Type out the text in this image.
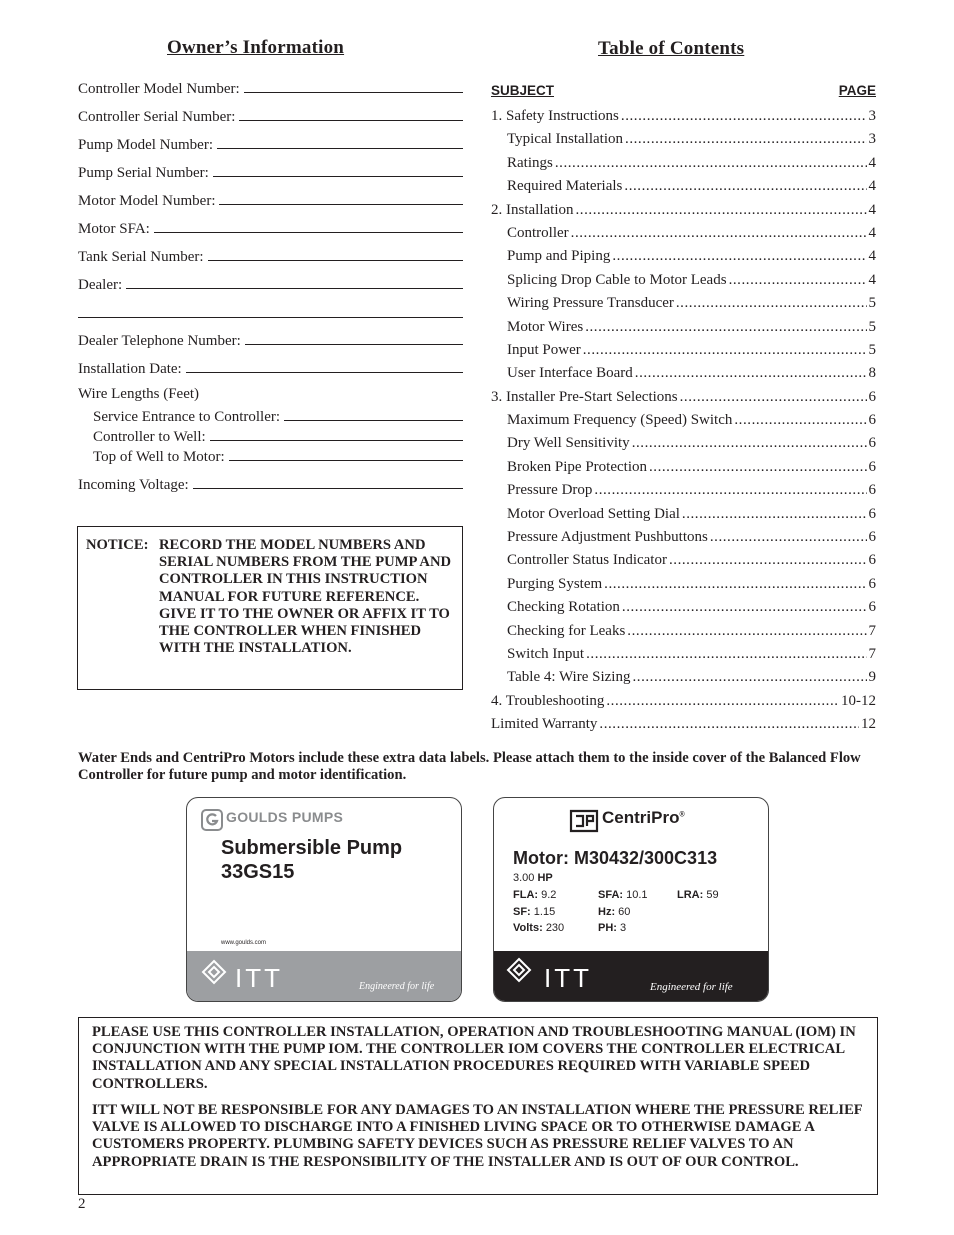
Owner’s Information	Table of Contents
Controller Model Number:
Controller Serial Number:
Pump Model Number:
Pump Serial Number:
Motor Model Number:
Motor SFA:
Tank Serial Number:
Dealer:
Dealer Telephone Number:
Installation Date:
Wire Lengths (Feet)
Service Entrance to Controller:
Controller to Well:
Top of Well to Motor:
Incoming Voltage:
NOTICE: RECORD THE MODEL NUMBERS AND SERIAL NUMBERS FROM THE PUMP AND CONTROLLER IN THIS INSTRUCTION MANUAL FOR FUTURE REFERENCE. GIVE IT TO THE OWNER OR AFFIX IT TO THE CONTROLLER WHEN FINISHED WITH THE INSTALLATION.
SUBJECT	PAGE
1. Safety Instructions . . .	3
Typical Installation . . .	3
Ratings . . .	4
Required Materials . . .	4
2. Installation . . .	4
Controller . . .	4
Pump and Piping . . .	4
Splicing Drop Cable to Motor Leads . . .	4
Wiring Pressure Transducer . . .	5
Motor Wires . . .	5
Input Power . . .	5
User Interface Board . . .	8
3. Installer Pre-Start Selections . . .	6
Maximum Frequency (Speed) Switch . . .	6
Dry Well Sensitivity . . .	6
Broken Pipe Protection . . .	6
Pressure Drop . . .	6
Motor Overload Setting Dial . . .	6
Pressure Adjustment Pushbuttons . . .	6
Controller Status Indicator . . .	6
Purging System . . .	6
Checking Rotation . . .	6
Checking for Leaks . . .	7
Switch Input . . .	7
Table 4: Wire Sizing . . .	9
4. Troubleshooting . . .	10-12
Limited Warranty . . .	12
Water Ends and CentriPro Motors include these extra data labels. Please attach them to the inside cover of the Balanced Flow Controller for future pump and motor identification.
GOULDS PUMPS
Submersible Pump
33GS15
www.goulds.com
ITT	Engineered for life
CentriPro®
Motor: M30432/300C313
3.00 HP
FLA: 9.2	SFA: 10.1	LRA: 59
SF: 1.15	Hz: 60
Volts: 230	PH: 3
ITT	Engineered for life

PLEASE USE THIS CONTROLLER INSTALLATION, OPERATION AND TROUBLESHOOTING MANUAL (IOM) IN CONJUNCTION WITH THE PUMP IOM. THE CONTROLLER IOM COVERS THE CONTROLLER ELECTRICAL INSTALLATION AND ANY SPECIAL INSTALLATION PROCEDURES REQUIRED WITH VARIABLE SPEED CONTROLLERS.

ITT WILL NOT BE RESPONSIBLE FOR ANY DAMAGES TO AN INSTALLATION WHERE THE PRESSURE RELIEF VALVE IS ALLOWED TO DISCHARGE INTO A FINISHED LIVING SPACE OR TO OTHERWISE DAMAGE A CUSTOMERS PROPERTY. PLUMBING SAFETY DEVICES SUCH AS PRESSURE RELIEF VALVES TO AN APPROPRIATE DRAIN IS THE RESPONSIBILITY OF THE INSTALLER AND IS OUT OF OUR CONTROL.

2
